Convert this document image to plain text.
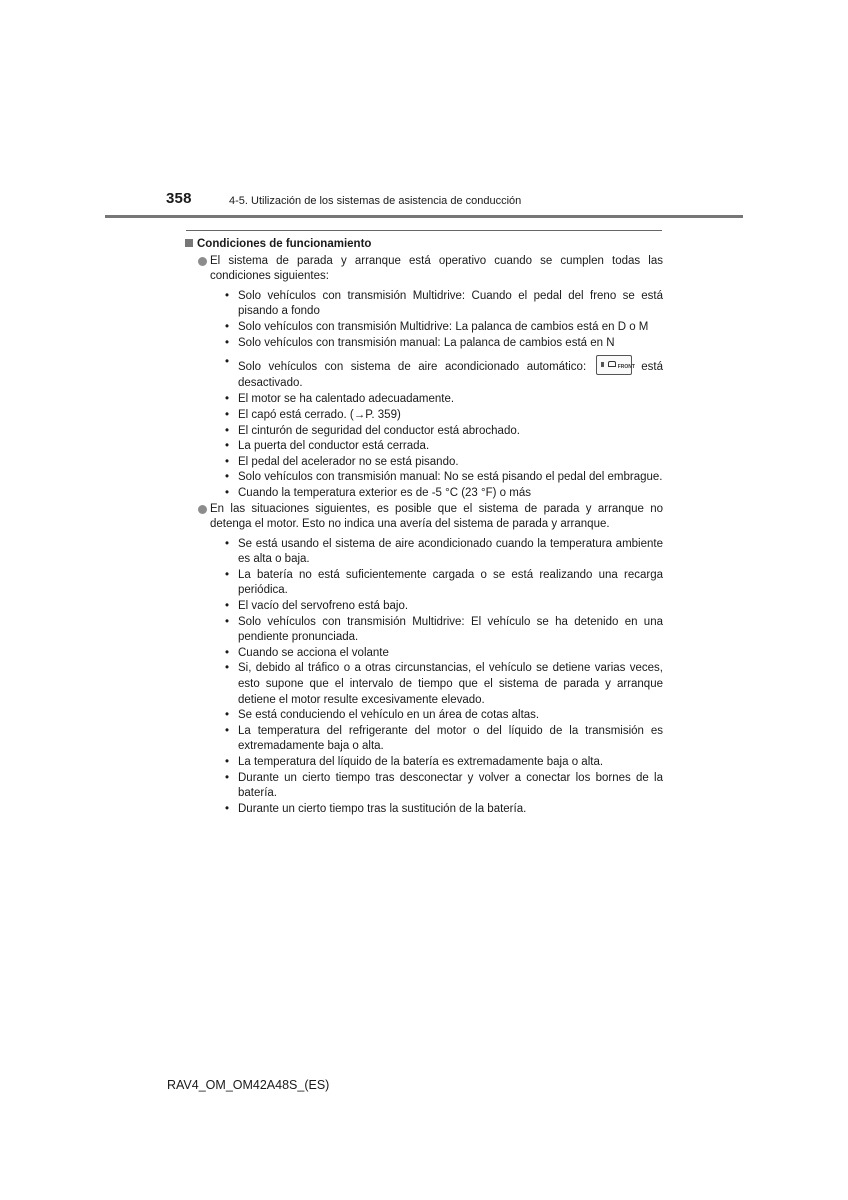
358	4-5. Utilización de los sistemas de asistencia de conducción
Condiciones de funcionamiento
El sistema de parada y arranque está operativo cuando se cumplen todas las condiciones siguientes:
• Solo vehículos con transmisión Multidrive: Cuando el pedal del freno se está pisando a fondo
• Solo vehículos con transmisión Multidrive: La palanca de cambios está en D o M
• Solo vehículos con transmisión manual: La palanca de cambios está en N
• Solo vehículos con sistema de aire acondicionado automático:	FRONT está desactivado.
• El motor se ha calentado adecuadamente.
• El capó está cerrado. (→P. 359)
• El cinturón de seguridad del conductor está abrochado.
• La puerta del conductor está cerrada.
• El pedal del acelerador no se está pisando.
• Solo vehículos con transmisión manual: No se está pisando el pedal del embrague.
• Cuando la temperatura exterior es de -5 °C (23 °F) o más
En las situaciones siguientes, es posible que el sistema de parada y arranque no detenga el motor. Esto no indica una avería del sistema de parada y arranque.
• Se está usando el sistema de aire acondicionado cuando la temperatura ambiente es alta o baja.
• La batería no está suficientemente cargada o se está realizando una recarga periódica.
• El vacío del servofreno está bajo.
• Solo vehículos con transmisión Multidrive: El vehículo se ha detenido en una pendiente pronunciada.
• Cuando se acciona el volante
• Si, debido al tráfico o a otras circunstancias, el vehículo se detiene varias veces, esto supone que el intervalo de tiempo que el sistema de parada y arranque detiene el motor resulte excesivamente elevado.
• Se está conduciendo el vehículo en un área de cotas altas.
• La temperatura del refrigerante del motor o del líquido de la transmisión es extremadamente baja o alta.
• La temperatura del líquido de la batería es extremadamente baja o alta.
• Durante un cierto tiempo tras desconectar y volver a conectar los bornes de la batería.
• Durante un cierto tiempo tras la sustitución de la batería.
RAV4_OM_OM42A48S_(ES)
